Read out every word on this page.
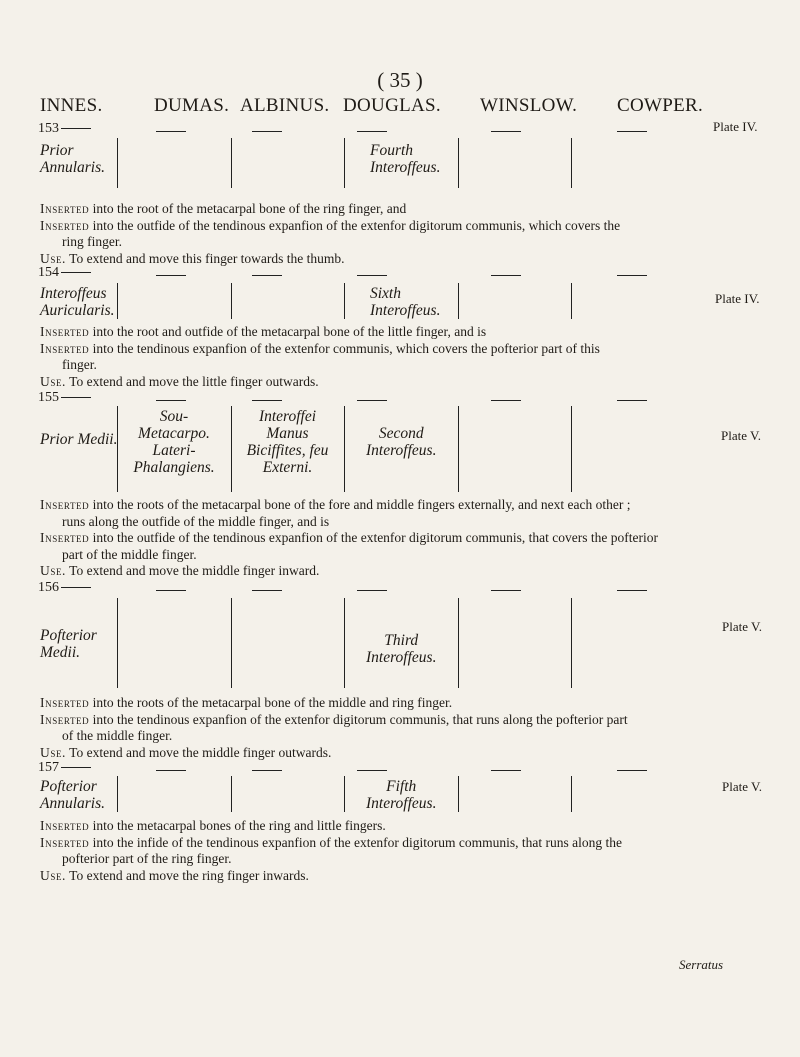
( 35 )
INNES.	DUMAS. ALBINUS. DOUGLAS. WINSLOW. COWPER.
153
Prior
Annularis.
Fourth
Interoffeus.
Plate IV.
Inserted into the root of the metacarpal bone of the ring finger, and
Inserted into the outfide of the tendinous expanfion of the extenfor digitorum communis, which covers the
ring finger.
Use. To extend and move this finger towards the thumb.
154
Interoffeus
Auricularis.
Sixth
Interoffeus.
Plate IV.
Inserted into the root and outfide of the metacarpal bone of the little finger, and is
Inserted into the tendinous expanfion of the extenfor communis, which covers the pofterior part of this
finger.
Use. To extend and move the little finger outwards.
155
Prior Medii.
Sou-
Metacarpo.
Lateri-
Phalangiens.
Interoffei
Manus
Biciffites, feu
Externi.
Second
Interoffeus.
Plate V.
Inserted into the roots of the metacarpal bone of the fore and middle fingers externally, and next each other ;
runs along the outfide of the middle finger, and is
Inserted into the outfide of the tendinous expanfion of the extenfor digitorum communis, that covers the pofterior
part of the middle finger.
Use. To extend and move the middle finger inward.
156
Pofterior
Medii.
Third
Interoffeus.
Plate V.
Inserted into the roots of the metacarpal bone of the middle and ring finger.
Inserted into the tendinous expanfion of the extenfor digitorum communis, that runs along the pofterior part
of the middle finger.
Use. To extend and move the middle finger outwards.
157
Pofterior
Annularis.
Fifth
Interoffeus.
Plate V.
Inserted into the metacarpal bones of the ring and little fingers.
Inserted into the infide of the tendinous expanfion of the extenfor digitorum communis, that runs along the
pofterior part of the ring finger.
Use. To extend and move the ring finger inwards.
Serratus
